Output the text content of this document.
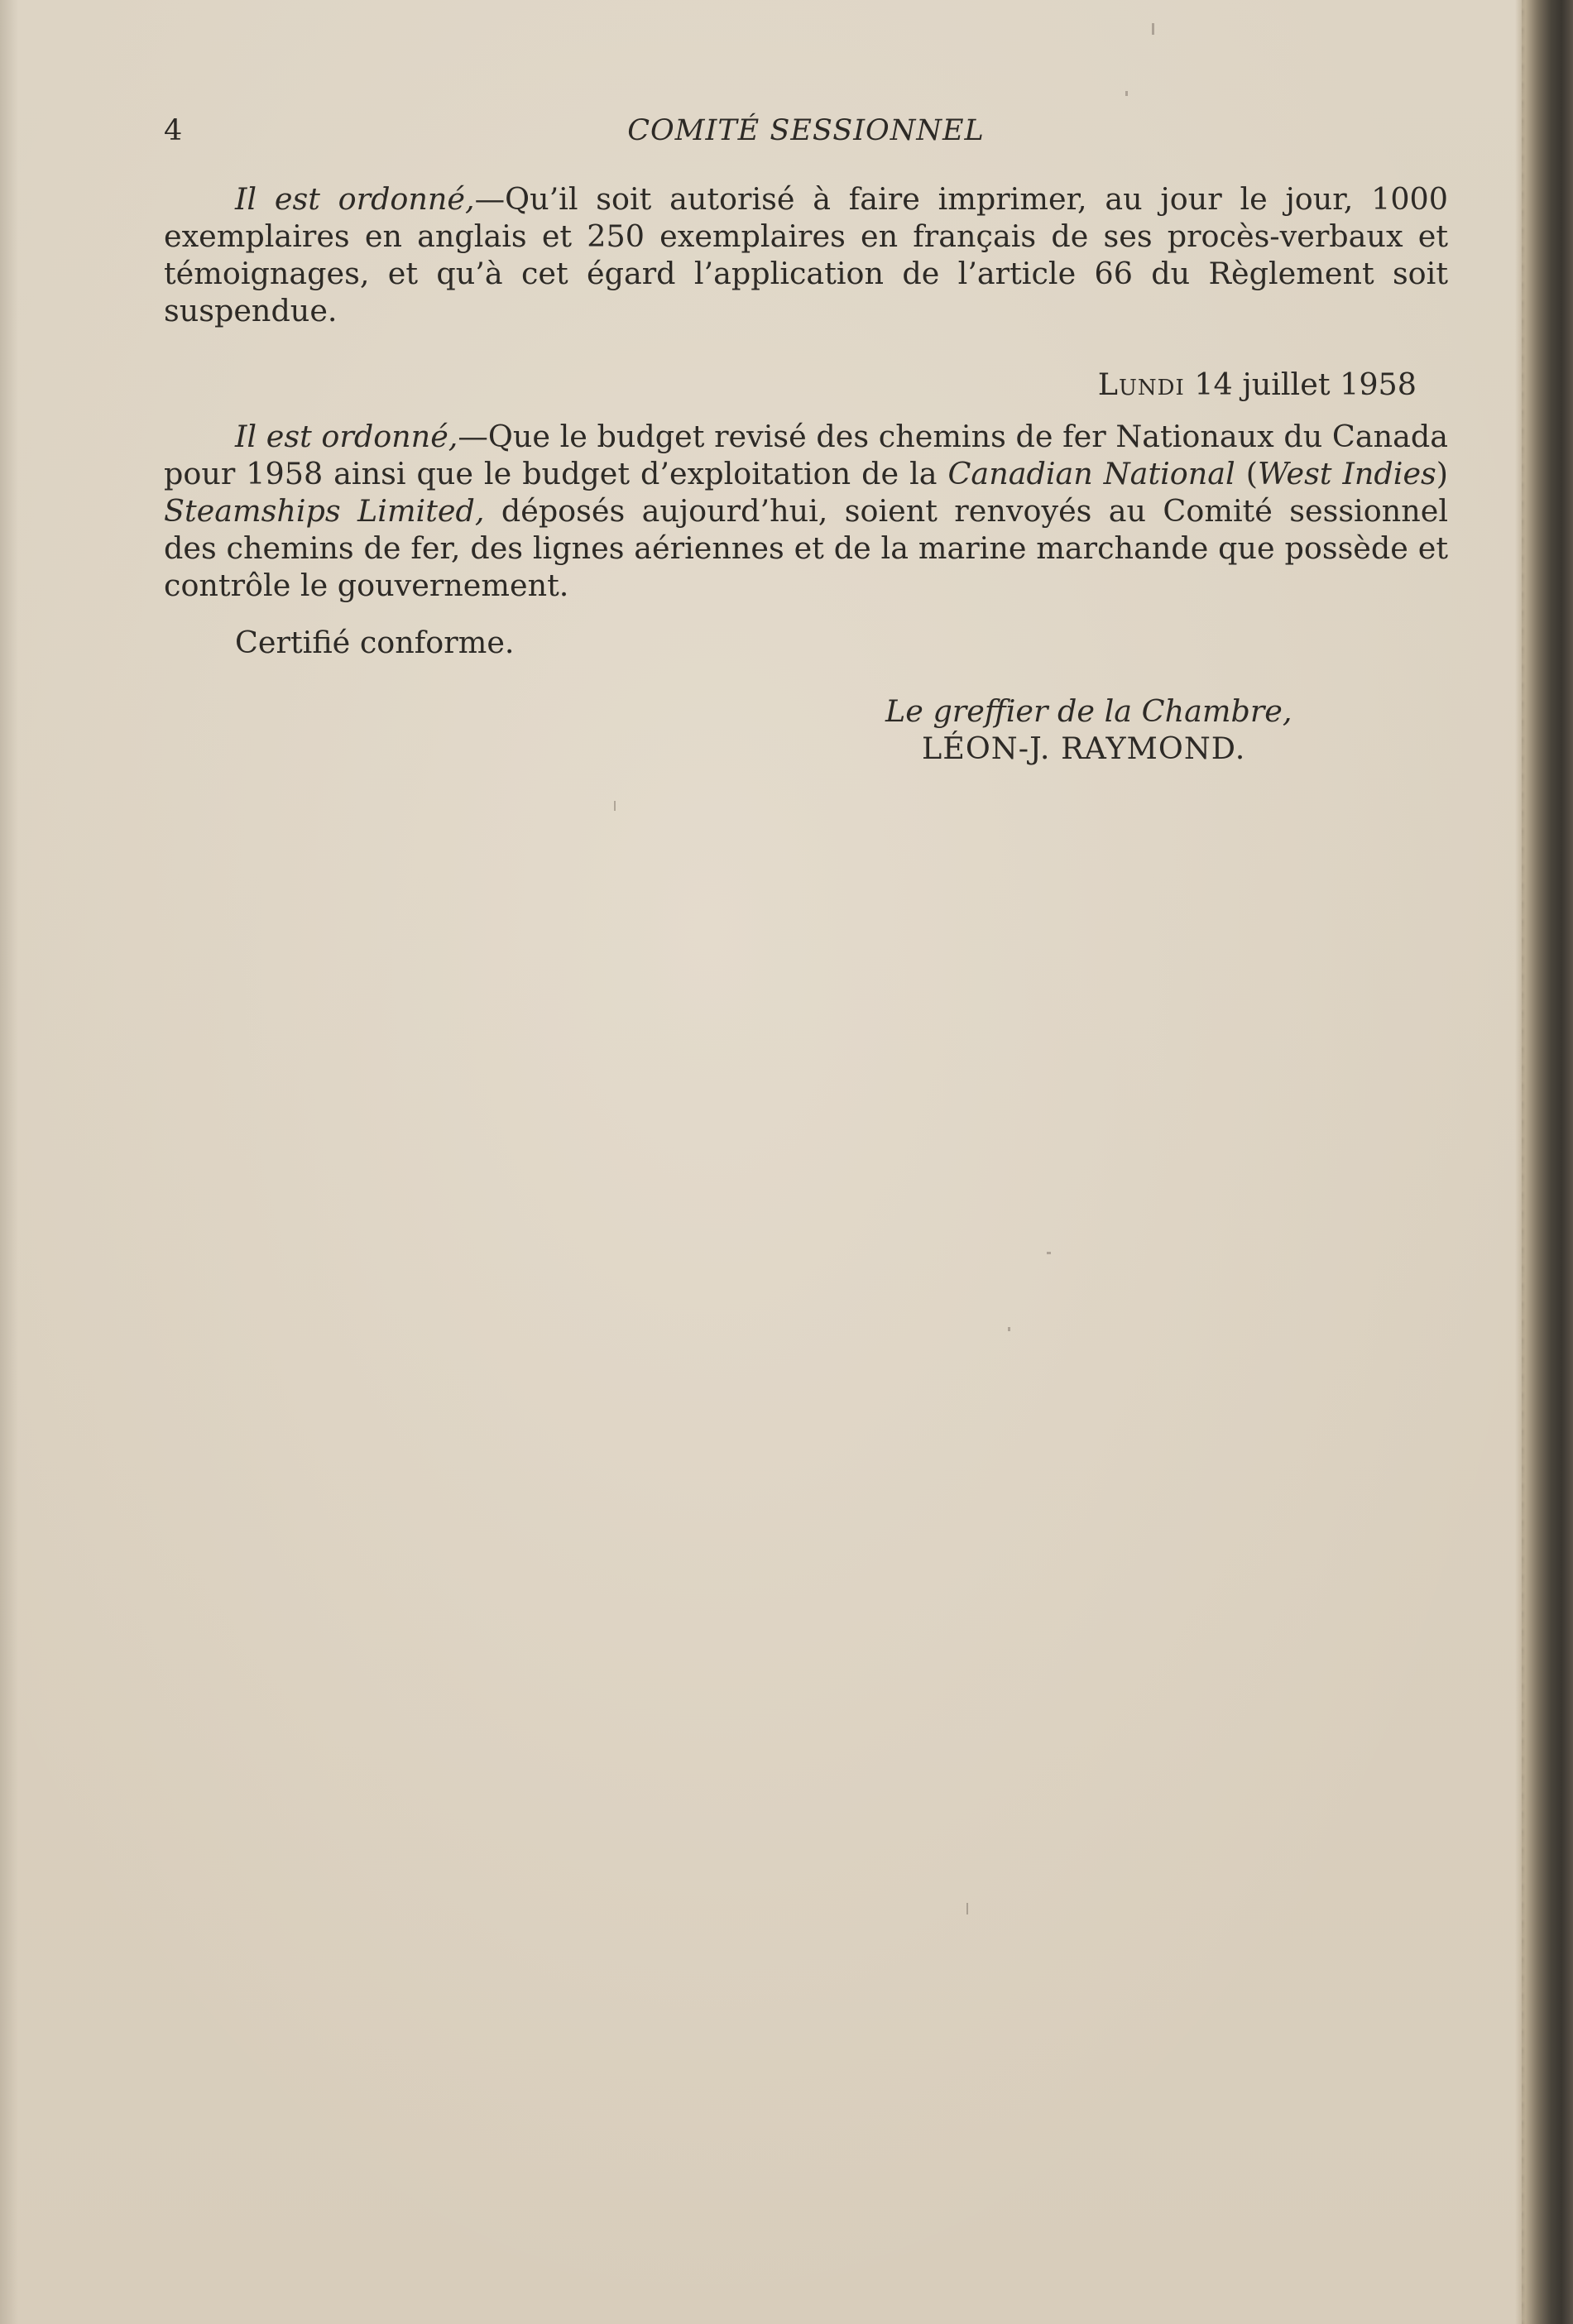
4	COMITÉ SESSIONNEL

Il est ordonné,—Qu’il soit autorisé à faire imprimer, au jour le jour, 1000 exemplaires en anglais et 250 exemplaires en français de ses procès-verbaux et témoignages, et qu’à cet égard l’application de l’article 66 du Règlement soit suspendue.

Lundi 14 juillet 1958

Il est ordonné,—Que le budget revisé des chemins de fer Nationaux du Canada pour 1958 ainsi que le budget d’exploitation de la Canadian National (West Indies) Steamships Limited, déposés aujourd’hui, soient renvoyés au Comité sessionnel des chemins de fer, des lignes aériennes et de la marine marchande que possède et contrôle le gouvernement.

Certifié conforme.

Le greffier de la Chambre,
LÉON-J. RAYMOND.
